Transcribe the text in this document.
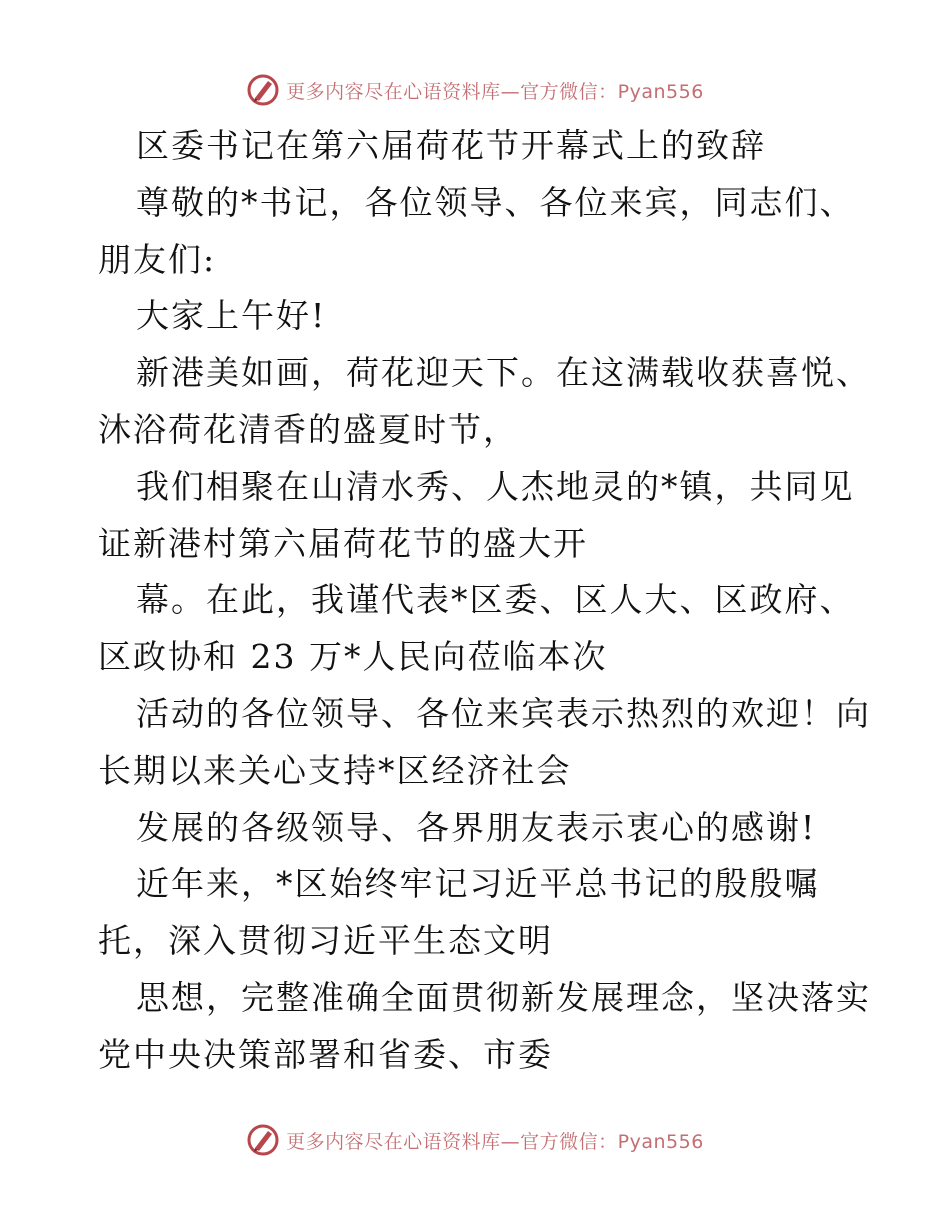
更多内容尽在心语资料库—官方微信：Pyan556
区委书记在第六届荷花节开幕式上的致辞
尊敬的*书记，各位领导、各位来宾，同志们、
朋友们:
大家上午好!
新港美如画，荷花迎天下。在这满载收获喜悦、
沐浴荷花清香的盛夏时节，
我们相聚在山清水秀、人杰地灵的*镇，共同见
证新港村第六届荷花节的盛大开
幕。在此，我谨代表*区委、区人大、区政府、
区政协和 23 万*人民向莅临本次
活动的各位领导、各位来宾表示热烈的欢迎！向
长期以来关心支持*区经济社会
发展的各级领导、各界朋友表示衷心的感谢!
近年来，*区始终牢记习近平总书记的殷殷嘱
托，深入贯彻习近平生态文明
思想，完整准确全面贯彻新发展理念，坚决落实
党中央决策部署和省委、市委
更多内容尽在心语资料库—官方微信：Pyan556
